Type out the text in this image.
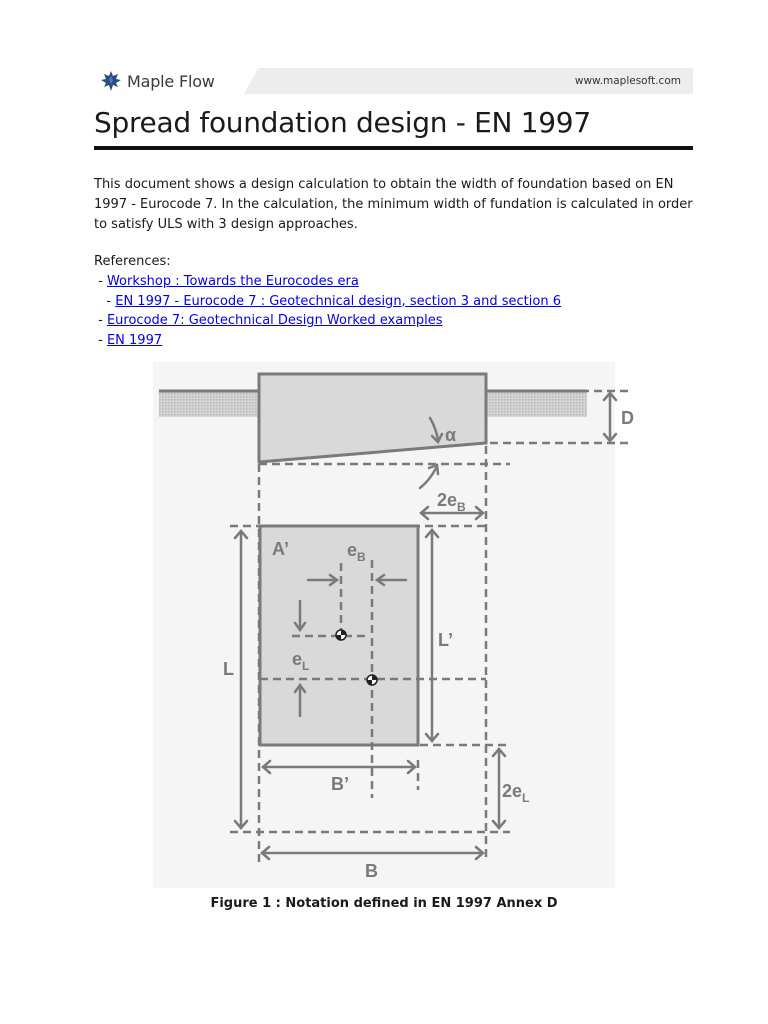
Maple Flow	www.maplesoft.com
Spread foundation design - EN 1997

This document shows a design calculation to obtain the width of foundation based on EN 1997 - Eurocode 7. In the calculation, the minimum width of fundation is calculated in order to satisfy ULS with 3 design approaches.

References:
- Workshop : Towards the Eurocodes era
- EN 1997 - Eurocode 7 : Geotechnical design, section 3 and section 6
- Eurocode 7: Geotechnical Design Worked examples
- EN 1997
α
D
A’
L
L’
B’
B
$e_B$
$e_L$
$2e_B$
$2e_L$
Figure 1 : Notation defined in EN 1997 Annex D
